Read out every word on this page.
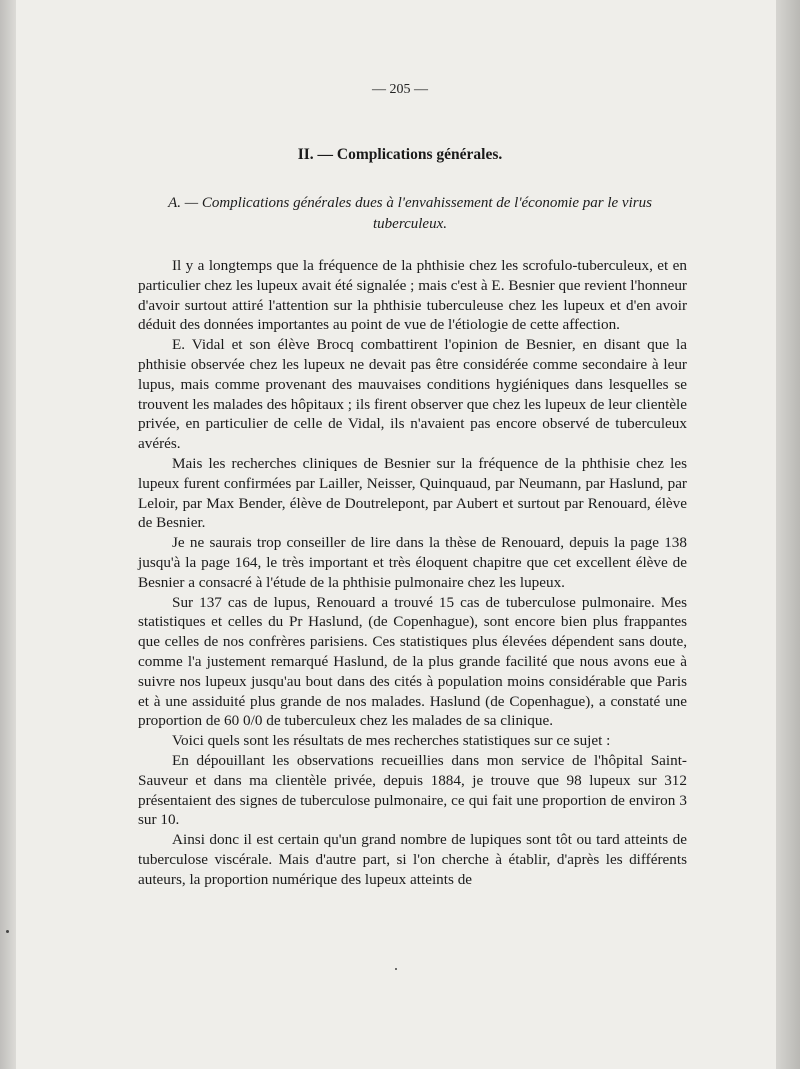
— 205 —
II. — Complications générales.
A. — Complications générales dues à l'envahissement de l'économie par le virus tuberculeux.

Il y a longtemps que la fréquence de la phthisie chez les scrofulo-tuberculeux, et en particulier chez les lupeux avait été signalée ; mais c'est à E. Besnier que revient l'honneur d'avoir surtout attiré l'attention sur la phthisie tuberculeuse chez les lupeux et d'en avoir déduit des données importantes au point de vue de l'étiologie de cette affection.

E. Vidal et son élève Brocq combattirent l'opinion de Besnier, en disant que la phthisie observée chez les lupeux ne devait pas être considérée comme secondaire à leur lupus, mais comme provenant des mauvaises conditions hygiéniques dans lesquelles se trouvent les malades des hôpitaux ; ils firent observer que chez les lupeux de leur clientèle privée, en particulier de celle de Vidal, ils n'avaient pas encore observé de tuberculeux avérés.

Mais les recherches cliniques de Besnier sur la fréquence de la phthisie chez les lupeux furent confirmées par Lailler, Neisser, Quinquaud, par Neumann, par Haslund, par Leloir, par Max Bender, élève de Doutrelepont, par Aubert et surtout par Renouard, élève de Besnier.

Je ne saurais trop conseiller de lire dans la thèse de Renouard, depuis la page 138 jusqu'à la page 164, le très important et très éloquent chapitre que cet excellent élève de Besnier a consacré à l'étude de la phthisie pulmonaire chez les lupeux.

Sur 137 cas de lupus, Renouard a trouvé 15 cas de tuberculose pulmonaire. Mes statistiques et celles du Pr Haslund, (de Copenhague), sont encore bien plus frappantes que celles de nos confrères parisiens. Ces statistiques plus élevées dépendent sans doute, comme l'a justement remarqué Haslund, de la plus grande facilité que nous avons eue à suivre nos lupeux jusqu'au bout dans des cités à population moins considérable que Paris et à une assiduité plus grande de nos malades. Haslund (de Copenhague), a constaté une proportion de 60 0/0 de tuberculeux chez les malades de sa clinique.

Voici quels sont les résultats de mes recherches statistiques sur ce sujet :

En dépouillant les observations recueillies dans mon service de l'hôpital Saint-Sauveur et dans ma clientèle privée, depuis 1884, je trouve que 98 lupeux sur 312 présentaient des signes de tuberculose pulmonaire, ce qui fait une proportion de environ 3 sur 10.

Ainsi donc il est certain qu'un grand nombre de lupiques sont tôt ou tard atteints de tuberculose viscérale. Mais d'autre part, si l'on cherche à établir, d'après les différents auteurs, la proportion numérique des lupeux atteints de
